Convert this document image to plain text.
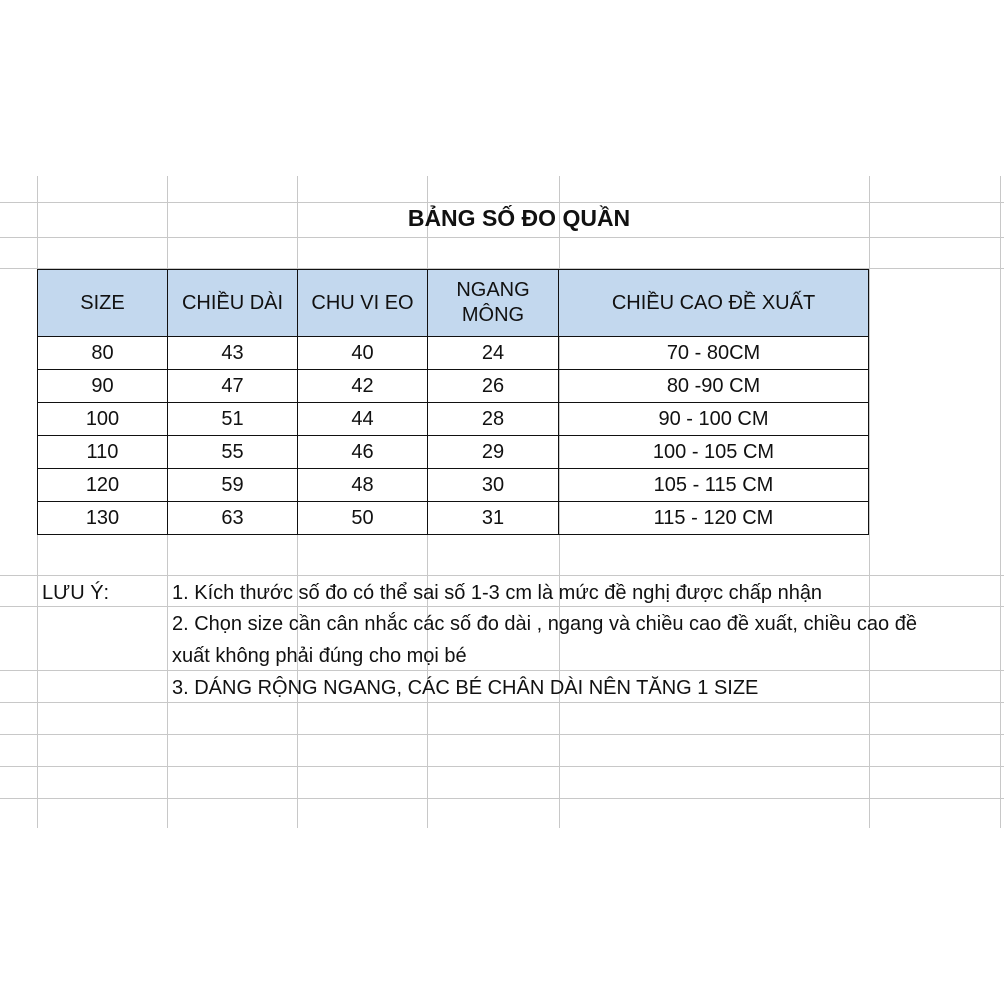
BẢNG SỐ ĐO QUẦN
SIZE	CHIỀU DÀI	CHU VI EO	NGANG MÔNG	CHIỀU CAO ĐỀ XUẤT
80	43	40	24	70 - 80CM
90	47	42	26	80 -90 CM
100	51	44	28	90 - 100 CM
110	55	46	29	100 - 105 CM
120	59	48	30	105 - 115 CM
130	63	50	31	115 - 120 CM
LƯU Ý:	1. Kích thước số đo có thể sai số 1-3 cm là mức đề nghị được chấp nhận
2. Chọn size cần cân nhắc các số đo dài , ngang và chiều cao đề xuất, chiều cao đề
xuất không phải đúng cho mọi bé
3. DÁNG RỘNG NGANG, CÁC BÉ CHÂN DÀI NÊN TĂNG 1 SIZE
